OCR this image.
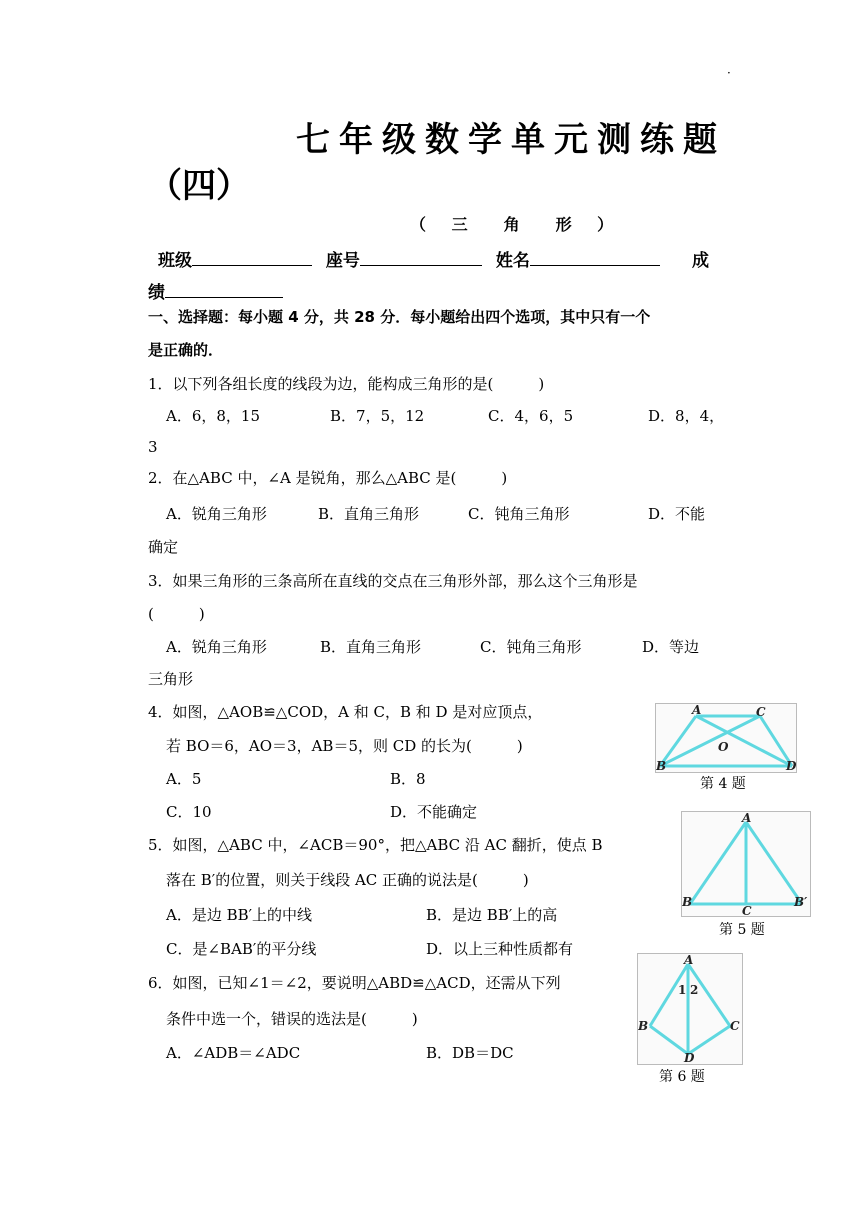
·
七年级数学单元测练题
（四）
（ 三　角　形 ）
班级	座号	姓名	成
绩
一、选择题：每小题 4 分，共 28 分．每小题给出四个选项，其中只有一个
是正确的．
1．以下列各组长度的线段为边，能构成三角形的是(　　　)
A．6，8，15	B．7，5，12	C．4，6，5	D．8，4，
3
2．在△ABC 中，∠A 是锐角，那么△ABC 是(　　　)
A．锐角三角形	B．直角三角形	C．钝角三角形	D．不能
确定
3．如果三角形的三条高所在直线的交点在三角形外部，那么这个三角形是
(　　　)
A．锐角三角形	B．直角三角形	C．钝角三角形	D．等边
三角形
4．如图，△AOB≌△COD，A 和 C，B 和 D 是对应顶点，
若 BO＝6，AO＝3，AB＝5，则 CD 的长为(　　　)
A．5	B．8
C．10	D．不能确定
A	C
O
B	D
第 4 题
5．如图，△ABC 中，∠ACB＝90°，把△ABC 沿 AC 翻折，使点 B
落在 B′的位置，则关于线段 AC 正确的说法是(　　　)
A．是边 BB′上的中线	B．是边 BB′上的高
C．是∠BAB′的平分线	D．以上三种性质都有
A
B
C
B′
第 5 题
6．如图，已知∠1＝∠2，要说明△ABD≌△ACD，还需从下列
条件中选一个，错误的选法是(　　　)
A．∠ADB＝∠ADC	B．DB＝DC
A
1 2
B	C
D
第 6 题
